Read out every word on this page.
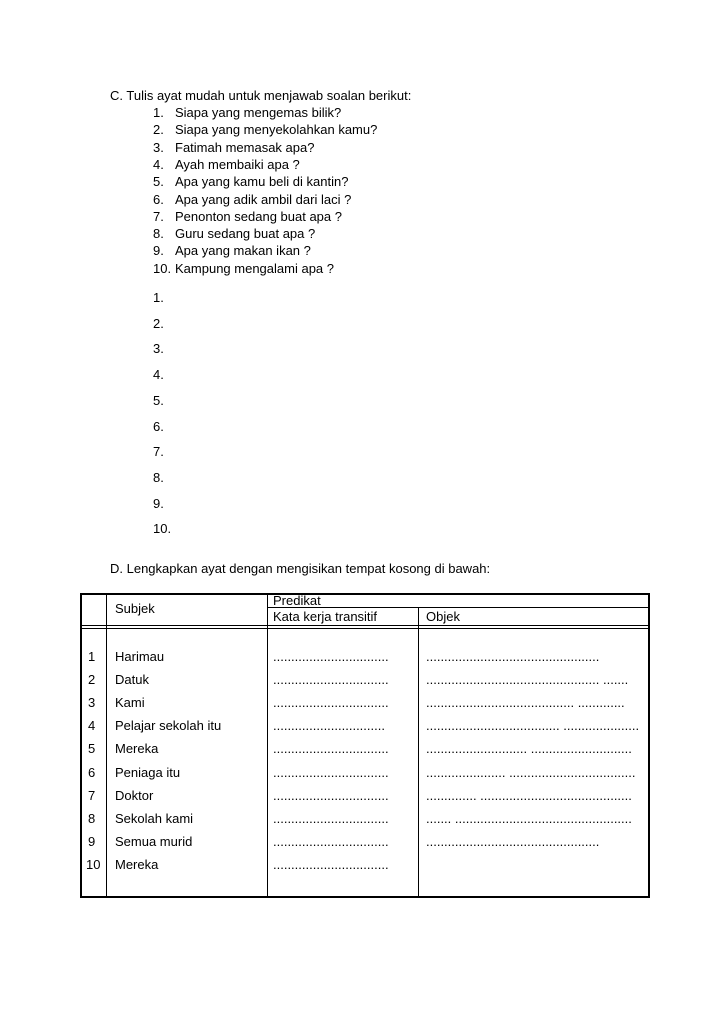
C. Tulis ayat mudah untuk menjawab soalan berikut:
1. Siapa yang mengemas bilik?
2. Siapa yang menyekolahkan kamu?
3. Fatimah memasak apa?
4. Ayah membaiki apa ?
5. Apa yang kamu beli di kantin?
6. Apa yang adik ambil dari laci ?
7. Penonton sedang buat apa ?
8. Guru sedang buat apa ?
9. Apa yang makan ikan ?
10. Kampung mengalami apa ?
1.
2.
3.
4.
5.
6.
7.
8.
9.
10.
D. Lengkapkan ayat dengan mengisikan tempat kosong di bawah:
Subjek
Predikat
Kata kerja transitif	Objek
1 Harimau	................................	................................................
2 Datuk	................................	................................................ .......
3 Kami	................................	......................................... .............
4 Pelajar sekolah itu	...............................	..................................... .....................
5 Mereka	................................	............................ ............................
6 Peniaga itu	................................	...................... ...................................
7 Doktor	................................	.............. ..........................................
8 Sekolah kami	................................	....... .................................................
9 Semua murid	................................	................................................
10 Mereka	................................
